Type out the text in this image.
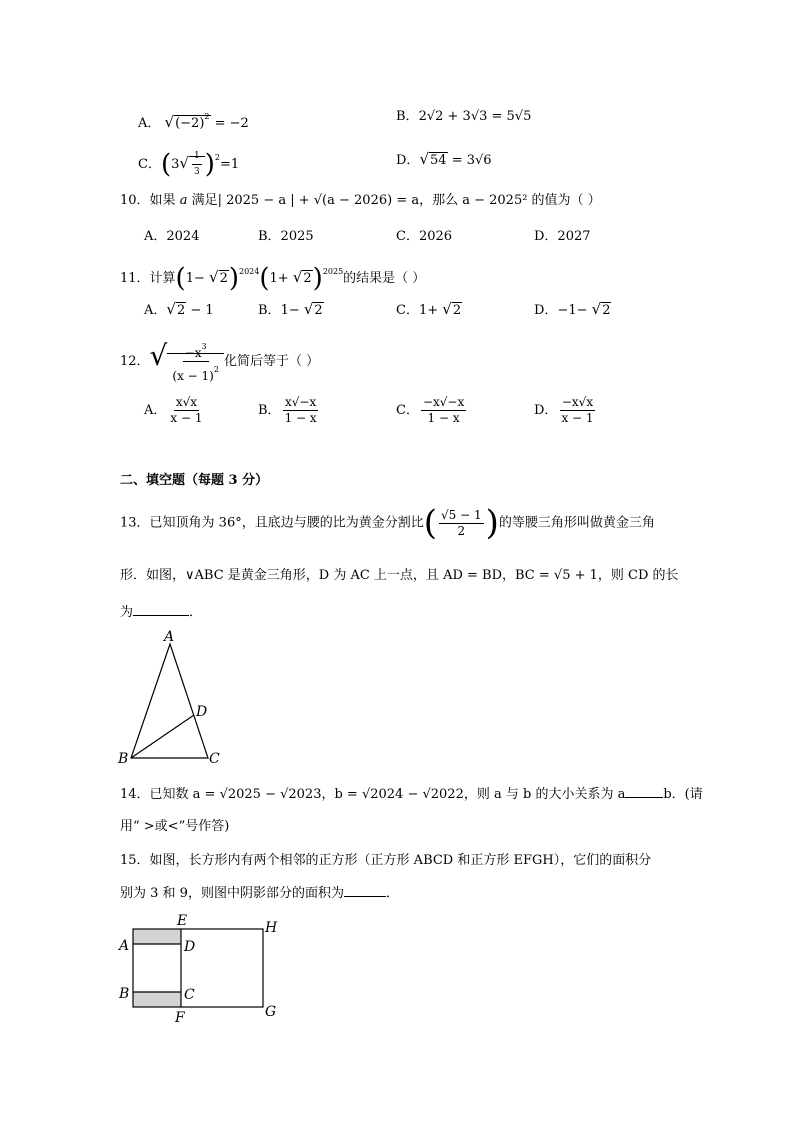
A． $√(-2)^2 = -2$	B．2√2 + 3√3 = 5√5
C．$(3√ \frac{1}{3} )^2=1$	D．√54 = 3√6
10．如果 a 满足| 2025 − a | + √(a − 2026) = a，那么 a − 2025² 的值为（ ）
A．2024	B．2025	C．2026	D．2027
11．计算$(1- √2)^{2024}(1+ √2)^{2025}$的结果是（ ）
A．√2 − 1	B．1− √2	C．1+ √2	D．−1− √2
12．√ $\frac{-x^3}{(x - 1)^2}$ 化简后等于（ ）
A． $\frac{x√x}{x - 1}$	B． $\frac{x√-x}{1 - x}$	C． $\frac{-x√-x}{1 - x}$	D． $\frac{-x√x}{x - 1}$
二、填空题（每题 3 分）
13．已知顶角为 36°，且底边与腰的比为黄金分割比( $\frac{√5 - 1}{2}$ )的等腰三角形叫做黄金三角
形．如图，∨ABC 是黄金三角形，D 为 AC 上一点，且 AD = BD，BC = √5 + 1，则 CD 的长
为	．
A
B	C
D
14．已知数 a = √2025 − √2023，b = √2024 − √2022，则 a 与 b 的大小关系为 a	b．(请
用“ >或<”号作答)
15．如图，长方形内有两个相邻的正方形（正方形 ABCD 和正方形 EFGH），它们的面积分
别为 3 和 9，则图中阴影部分的面积为	．
E	H
A	D
B	C
F	G
